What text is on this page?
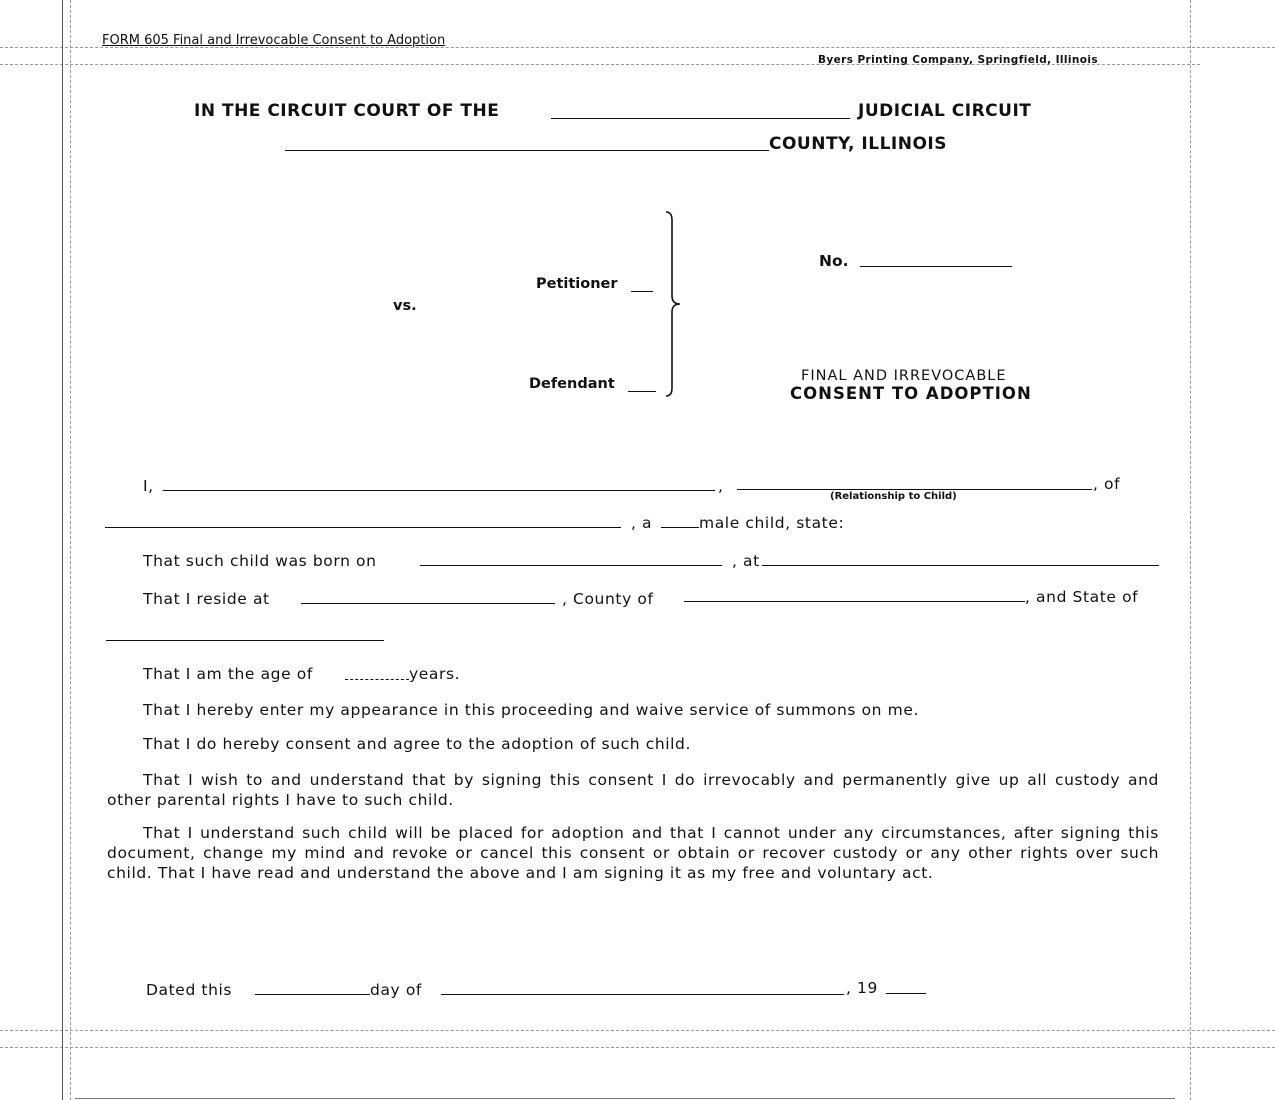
FORM 605 Final and Irrevocable Consent to Adoption
Byers Printing Company, Springfield, Illinois
IN THE CIRCUIT COURT OF THE	JUDICIAL CIRCUIT
COUNTY, ILLINOIS
Petitioner
vs.
Defendant
No.
FINAL AND IRREVOCABLE
CONSENT TO ADOPTION
I,	,
(Relationship to Child)
, of
, a	male child, state:
That such child was born on	, at
That I reside at	, County of	, and State of
That I am the age of	years.
That I hereby enter my appearance in this proceeding and waive service of summons on me.
That I do hereby consent and agree to the adoption of such child.
That I wish to and understand that by signing this consent I do irrevocably and permanently give up all custody and other parental rights I have to such child.
That I understand such child will be placed for adoption and that I cannot under any circumstances, after signing this document, change my mind and revoke or cancel this consent or obtain or recover custody or any other rights over such child. That I have read and understand the above and I am signing it as my free and voluntary act.
Dated this	day of	, 19
